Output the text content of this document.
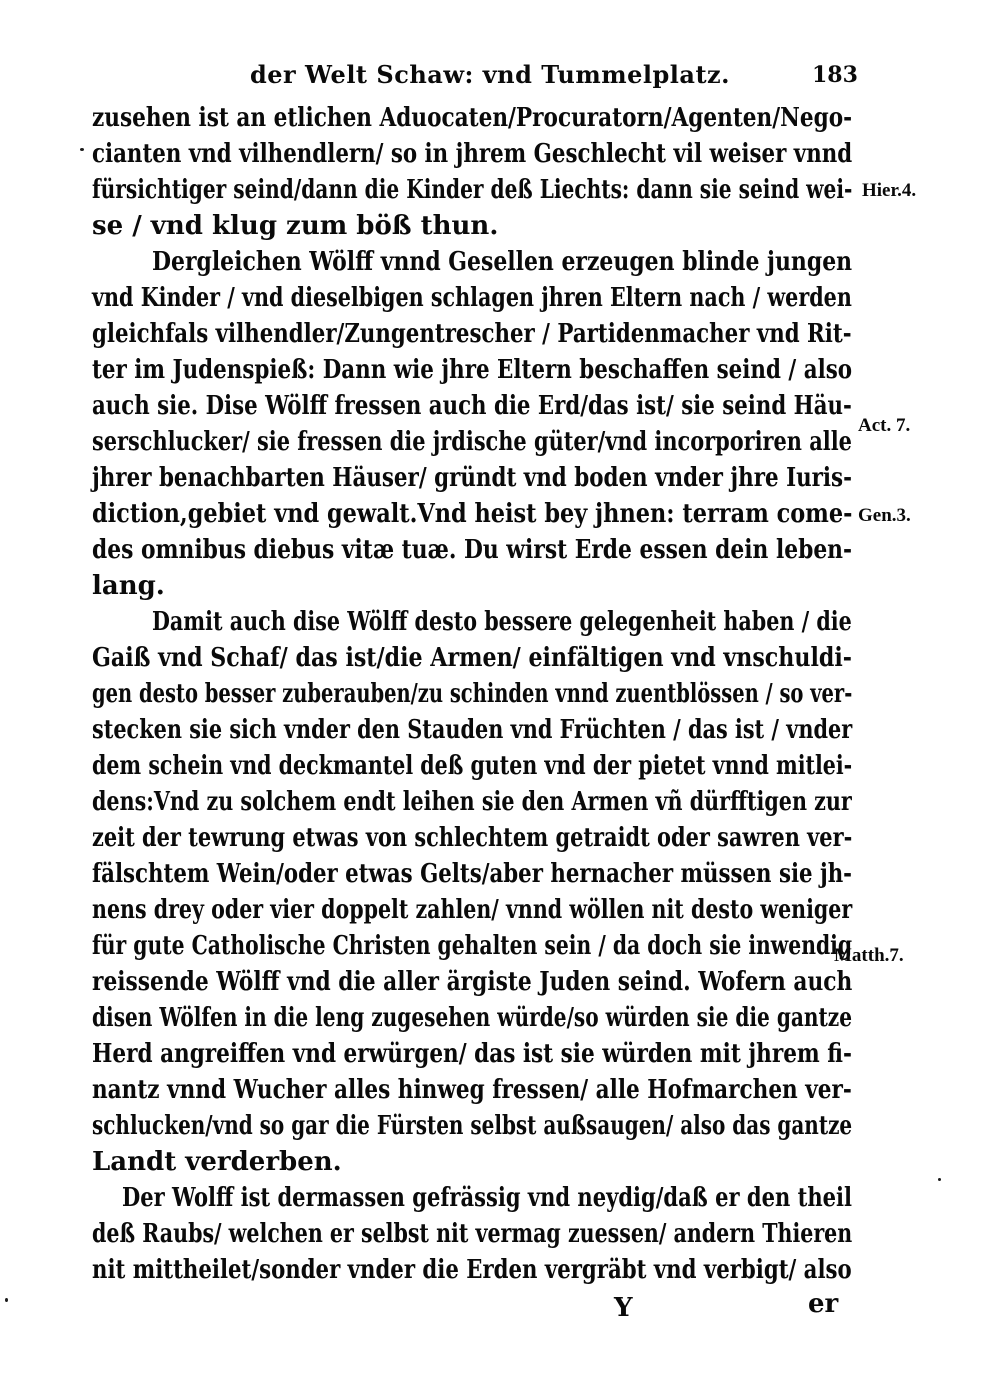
der Welt Schaw: vnd Tummelplatz.	183
zusehen ist an etlichen Aduocaten/Procuratorn/Agenten/Nego-
cianten vnd vilhendlern/ so in jhrem Geschlecht vil weiser vnnd
fürsichtiger seind/dann die Kinder deß Liechts: dann sie seind wei-
se / vnd klug zum böß thun.
Dergleichen Wölff vnnd Gesellen erzeugen blinde jungen
vnd Kinder / vnd dieselbigen schlagen jhren Eltern nach / werden
gleichfals vilhendler/Zungentrescher / Partidenmacher vnd Rit-
ter im Judenspieß: Dann wie jhre Eltern beschaffen seind / also
auch sie. Dise Wölff fressen auch die Erd/das ist/ sie seind Häu-
serschlucker/ sie fressen die jrdische güter/vnd incorporiren alle
jhrer benachbarten Häuser/ gründt vnd boden vnder jhre Iuris-
diction,gebiet vnd gewalt.Vnd heist bey jhnen: terram come-
des omnibus diebus vitæ tuæ. Du wirst Erde essen dein leben-
lang.
Damit auch dise Wölff desto bessere gelegenheit haben / die
Gaiß vnd Schaf/ das ist/die Armen/ einfältigen vnd vnschuldi-
gen desto besser zuberauben/zu schinden vnnd zuentblössen / so ver-
stecken sie sich vnder den Stauden vnd Früchten / das ist / vnder
dem schein vnd deckmantel deß guten vnd der pietet vnnd mitlei-
dens:Vnd zu solchem endt leihen sie den Armen vñ dürfftigen zur
zeit der tewrung etwas von schlechtem getraidt oder sawren ver-
fälschtem Wein/oder etwas Gelts/aber hernacher müssen sie jh-
nens drey oder vier doppelt zahlen/ vnnd wöllen nit desto weniger
für gute Catholische Christen gehalten sein / da doch sie inwendig
reissende Wölff vnd die aller ärgiste Juden seind. Wofern auch
disen Wölfen in die leng zugesehen würde/so würden sie die gantze
Herd angreiffen vnd erwürgen/ das ist sie würden mit jhrem fi-
nantz vnnd Wucher alles hinweg fressen/ alle Hofmarchen ver-
schlucken/vnd so gar die Fürsten selbst außsaugen/ also das gantze
Landt verderben.
Der Wolff ist dermassen gefrässig vnd neydig/daß er den theil
deß Raubs/ welchen er selbst nit vermag zuessen/ andern Thieren
nit mittheilet/sonder vnder die Erden vergräbt vnd verbigt/ also
Hier.4.
Act. 7.
Gen.3.
Matth.7.
Y	er
